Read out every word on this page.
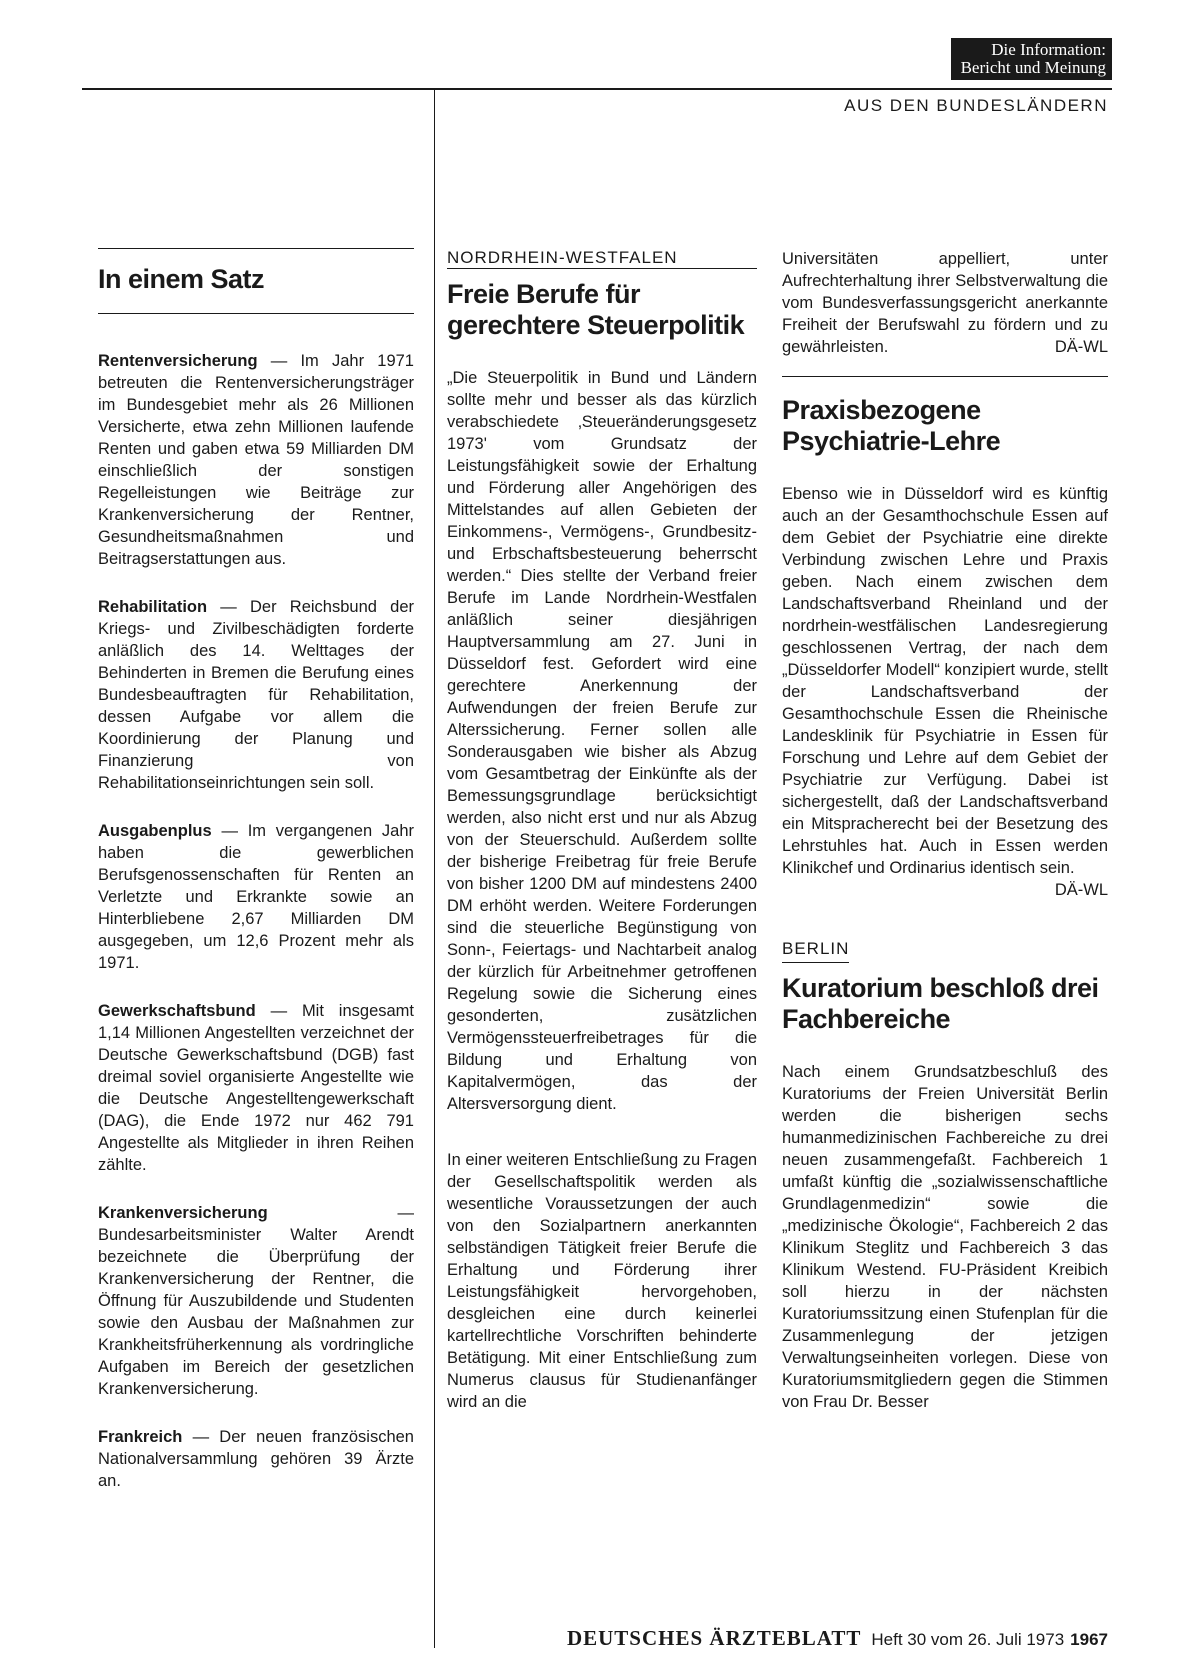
Die Information:
Bericht und Meinung
AUS DEN BUNDESLÄNDERN
In einem Satz

Rentenversicherung — Im Jahr 1971 betreuten die Rentenversicherungsträger im Bundesgebiet mehr als 26 Millionen Versicherte, etwa zehn Millionen laufende Renten und gaben etwa 59 Milliarden DM einschließlich der sonstigen Regelleistungen wie Beiträge zur Krankenversicherung der Rentner, Gesundheitsmaßnahmen und Beitragserstattungen aus.

Rehabilitation — Der Reichsbund der Kriegs- und Zivilbeschädigten forderte anläßlich des 14. Welttages der Behinderten in Bremen die Berufung eines Bundesbeauftragten für Rehabilitation, dessen Aufgabe vor allem die Koordinierung der Planung und Finanzierung von Rehabilitationseinrichtungen sein soll.

Ausgabenplus — Im vergangenen Jahr haben die gewerblichen Berufsgenossenschaften für Renten an Verletzte und Erkrankte sowie an Hinterbliebene 2,67 Milliarden DM ausgegeben, um 12,6 Prozent mehr als 1971.

Gewerkschaftsbund — Mit insgesamt 1,14 Millionen Angestellten verzeichnet der Deutsche Gewerkschaftsbund (DGB) fast dreimal soviel organisierte Angestellte wie die Deutsche Angestelltengewerkschaft (DAG), die Ende 1972 nur 462 791 Angestellte als Mitglieder in ihren Reihen zählte.

Krankenversicherung — Bundesarbeitsminister Walter Arendt bezeichnete die Überprüfung der Krankenversicherung der Rentner, die Öffnung für Auszubildende und Studenten sowie den Ausbau der Maßnahmen zur Krankheitsfrüherkennung als vordringliche Aufgaben im Bereich der gesetzlichen Krankenversicherung.

Frankreich — Der neuen französischen Nationalversammlung gehören 39 Ärzte an.

NORDRHEIN-WESTFALEN
Freie Berufe für gerechtere Steuerpolitik

„Die Steuerpolitik in Bund und Ländern sollte mehr und besser als das kürzlich verabschiedete ‚Steueränderungsgesetz 1973' vom Grundsatz der Leistungsfähigkeit sowie der Erhaltung und Förderung aller Angehörigen des Mittelstandes auf allen Gebieten der Einkommens-, Vermögens-, Grundbesitz- und Erbschaftsbesteuerung beherrscht werden.“ Dies stellte der Verband freier Berufe im Lande Nordrhein-Westfalen anläßlich seiner diesjährigen Hauptversammlung am 27. Juni in Düsseldorf fest. Gefordert wird eine gerechtere Anerkennung der Aufwendungen der freien Berufe zur Alterssicherung. Ferner sollen alle Sonderausgaben wie bisher als Abzug vom Gesamtbetrag der Einkünfte als der Bemessungsgrundlage berücksichtigt werden, also nicht erst und nur als Abzug von der Steuerschuld. Außerdem sollte der bisherige Freibetrag für freie Berufe von bisher 1200 DM auf mindestens 2400 DM erhöht werden. Weitere Forderungen sind die steuerliche Begünstigung von Sonn-, Feiertags- und Nachtarbeit analog der kürzlich für Arbeitnehmer getroffenen Regelung sowie die Sicherung eines gesonderten, zusätzlichen Vermögenssteuerfreibetrages für die Bildung und Erhaltung von Kapitalvermögen, das der Altersversorgung dient.

In einer weiteren Entschließung zu Fragen der Gesellschaftspolitik werden als wesentliche Voraussetzungen der auch von den Sozialpartnern anerkannten selbständigen Tätigkeit freier Berufe die Erhaltung und Förderung ihrer Leistungsfähigkeit hervorgehoben, desgleichen eine durch keinerlei kartellrechtliche Vorschriften behinderte Betätigung. Mit einer Entschließung zum Numerus clausus für Studienanfänger wird an die

Universitäten appelliert, unter Aufrechterhaltung ihrer Selbstverwaltung die vom Bundesverfassungsgericht anerkannte Freiheit der Berufswahl zu fördern und zu gewährleisten.	DÄ-WL

Praxisbezogene Psychiatrie-Lehre

Ebenso wie in Düsseldorf wird es künftig auch an der Gesamthochschule Essen auf dem Gebiet der Psychiatrie eine direkte Verbindung zwischen Lehre und Praxis geben. Nach einem zwischen dem Landschaftsverband Rheinland und der nordrhein-westfälischen Landesregierung geschlossenen Vertrag, der nach dem „Düsseldorfer Modell“ konzipiert wurde, stellt der Landschaftsverband der Gesamthochschule Essen die Rheinische Landesklinik für Psychiatrie in Essen für Forschung und Lehre auf dem Gebiet der Psychiatrie zur Verfügung. Dabei ist sichergestellt, daß der Landschaftsverband ein Mitspracherecht bei der Besetzung des Lehrstuhles hat. Auch in Essen werden Klinikchef und Ordinarius identisch sein.
DÄ-WL

BERLIN
Kuratorium beschloß drei Fachbereiche

Nach einem Grundsatzbeschluß des Kuratoriums der Freien Universität Berlin werden die bisherigen sechs humanmedizinischen Fachbereiche zu drei neuen zusammengefaßt. Fachbereich 1 umfaßt künftig die „sozialwissenschaftliche Grundlagenmedizin“ sowie die „medizinische Ökologie“, Fachbereich 2 das Klinikum Steglitz und Fachbereich 3 das Klinikum Westend. FU-Präsident Kreibich soll hierzu in der nächsten Kuratoriumssitzung einen Stufenplan für die Zusammenlegung der jetzigen Verwaltungseinheiten vorlegen. Diese von Kuratoriumsmitgliedern gegen die Stimmen von Frau Dr. Besser

DEUTSCHES ÄRZTEBLATT Heft 30 vom 26. Juli 1973 1967
